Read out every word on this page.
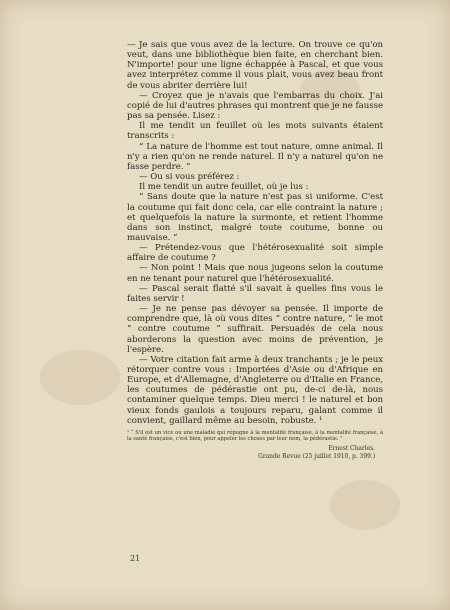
— Je sais que vous avez de la lecture. On trouve ce qu'on veut, dans une bibliothèque bien faite, en cherchant bien. N'importe! pour une ligne échappée à Pascal, et que vous avez interprétez comme il vous plait, vous avez beau front de vous abriter derrière lui!

— Croyez que je n'avais que l'embarras du choix. J'ai copié de lui d'autres phrases qui montrent que je ne fausse pas sa pensée. Lisez :

Il me tendit un feuillet où les mots suivants étaient transcrits :

“ La nature de l'homme est tout nature, omne animal. Il n'y a rien qu'on ne rende naturel. Il n'y a naturel qu'on ne fasse perdre. ”

— Ou si vous préférez :

Il me tendit un autre feuillet, où je lus :

“ Sans doute que la nature n'est pas si uniforme. C'est la coutume qui fait donc cela, car elle contraint la nature ; et quelquefois la nature la surmonte, et retient l'homme dans son instinct, malgré toute coutume, bonne ou mauvaise. ”

— Prétendez-vous que l'hétérosexualité soit simple affaire de coutume ?

— Non point ! Mais que nous jugeons selon la coutume en ne tenant pour naturel que l'hétérosexualité.

— Pascal serait flatté s'il savait à quelles fins vous le faites servir !

— Je ne pense pas dévoyer sa pensée. Il importe de comprendre que, là où vous dites “ contre nature, ” le mot “ contre coutume ” suffirait. Persuadés de cela nous aborderons la question avec moins de prévention, je l'espère.

— Votre citation fait arme à deux tranchants ; je le peux rétorquer contre vous : Importées d'Asie ou d'Afrique en Europe, et d'Allemagne, d'Angleterre ou d'Italie en France, les coutumes de pédérastie ont pu, de-ci de-là, nous contaminer quelque temps. Dieu merci ! le naturel et bon vieux fonds gaulois a toujours reparu, galant comme il convient, gaillard même au besoin, robuste. ¹

¹ “ S'il est un vice ou une maladie qui répugne à la mentalité française, à la mentalité française, à la santé française, c'est bien, pour appeler les choses par leur nom, la pédérastie. ”
Ernest Charles.
Grande Revue (25 juillet 1910, p. 399.)
21
